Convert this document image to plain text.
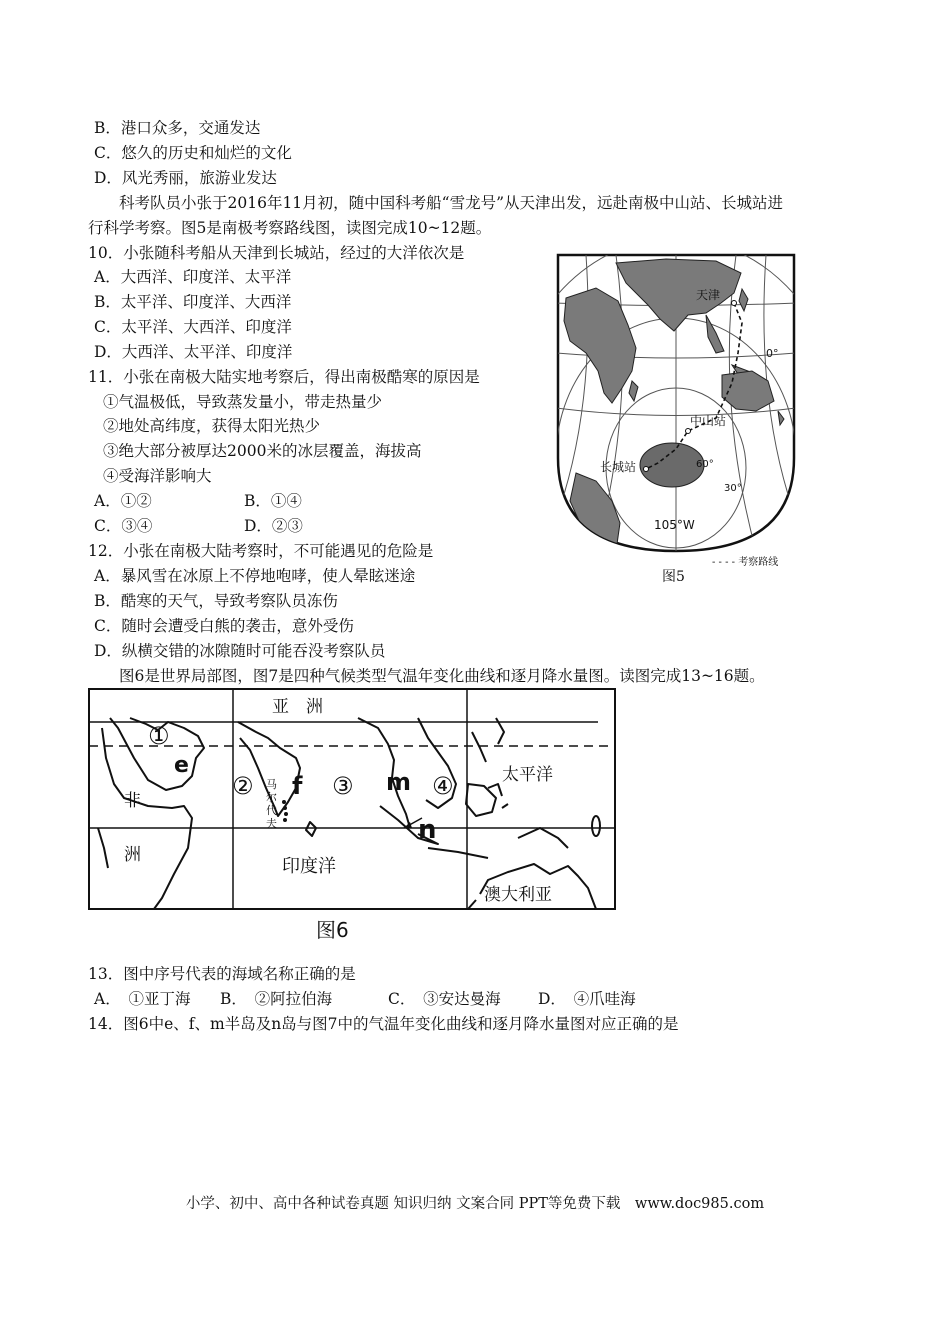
B．港口众多，交通发达
C．悠久的历史和灿烂的文化
D．风光秀丽，旅游业发达
科考队员小张于2016年11月初，随中国科考船“雪龙号”从天津出发，远赴南极中山站、长城站进
行科学考察。图5是南极考察路线图，读图完成10~12题。
10．小张随科考船从天津到长城站，经过的大洋依次是
A．大西洋、印度洋、太平洋
B．太平洋、印度洋、大西洋
C．太平洋、大西洋、印度洋
D．大西洋、太平洋、印度洋
11．小张在南极大陆实地考察后，得出南极酷寒的原因是
①气温极低，导致蒸发量小，带走热量少
②地处高纬度，获得太阳光热少
③绝大部分被厚达2000米的冰层覆盖，海拔高
④受海洋影响大
A．①②	B．①④
C．③④	D．②③
12．小张在南极大陆考察时，不可能遇见的危险是
A．暴风雪在冰原上不停地咆哮，使人晕眩迷途
B．酷寒的天气，导致考察队员冻伤
C．随时会遭受白熊的袭击，意外受伤
D．纵横交错的冰隙随时可能吞没考察队员
图6是世界局部图，图7是四种气候类型气温年变化曲线和逐月降水量图。读图完成13~16题。
天津
0°
中山站
长城站	60°
30°
105°W
- - - - 考察路线
图5
亚　洲
太平洋
非
洲
印度洋
澳大利亚
马
尔
代
夫
①
②	③	④
e
f	m
n
图6
13．图中序号代表的海域名称正确的是
A．　①亚丁海 B．　②阿拉伯海	C．　③安达曼海 D．　④爪哇海
14．图6中e、f、m半岛及n岛与图7中的气温年变化曲线和逐月降水量图对应正确的是
小学、初中、高中各种试卷真题 知识归纳 文案合同 PPT等免费下载　www.doc985.com
